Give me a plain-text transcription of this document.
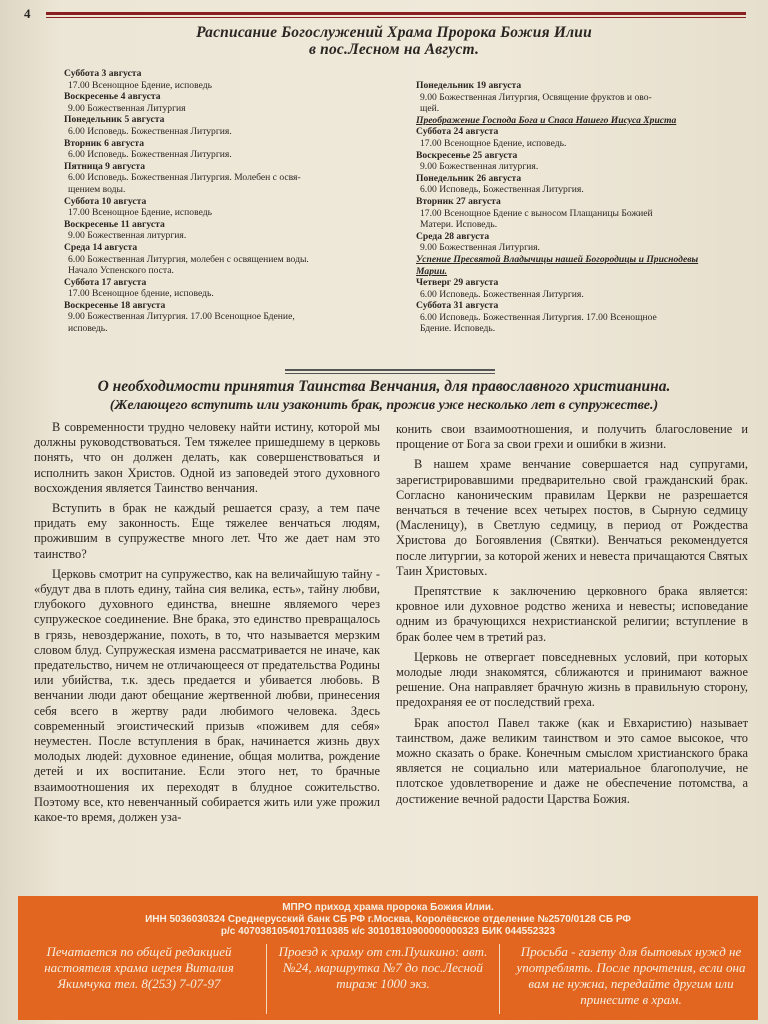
4
Расписание Богослужений Храма Пророка Божия Илии
в пос.Лесном на Август.
Суббота 3 августа
17.00 Всенощное Бдение, исповедь
Воскресенье 4 августа
9.00 Божественная Литургия
Понедельник 5 августа
6.00 Исповедь. Божественная Литургия.
Вторник 6 августа
6.00 Исповедь. Божественная Литургия.
Пятница 9 августа
6.00 Исповедь. Божественная Литургия. Молебен с освя-
щением воды.
Суббота 10 августа
17.00 Всенощное Бдение, исповедь
Воскресенье 11 августа
9.00 Божественная литургия.
Среда 14 августа
6.00 Божественная Литургия, молебен с освящением воды.
Начало Успенского поста.
Суббота 17 августа
17.00 Всенощное бдение, исповедь.
Воскресенье 18 августа
9.00 Божественная Литургия. 17.00 Всенощное Бдение,
исповедь.
Понедельник 19 августа
9.00 Божественная Литургия, Освящение фруктов и ово-
щей.
Преображение Господа Бога и Спаса Нашего Иисуса Христа
Суббота 24 августа
17.00 Всенощное Бдение, исповедь.
Воскресенье 25 августа
9.00 Божественная литургия.
Понедельник 26 августа
6.00 Исповедь, Божественная Литургия.
Вторник 27 августа
17.00 Всенощное Бдение с выносом Плащаницы Божией
Матери. Исповедь.
Среда 28 августа
9.00 Божественная Литургия.
Успение Пресвятой Владычицы нашей Богородицы и Приснодевы Марии.
Четверг 29 августа
6.00 Исповедь. Божественная Литургия.
Суббота 31 августа
6.00 Исповедь. Божественная Литургия. 17.00 Всенощное
Бдение. Исповедь.
О необходимости принятия Таинства Венчания, для православного христианина.
(Желающего вступить или узаконить брак, прожив уже несколько лет в супружестве.)

В современности трудно человеку найти истину, которой мы должны руководствоваться. Тем тяжелее пришедшему в церковь понять, что он должен делать, как совершенствоваться и исполнить закон Христов. Одной из заповедей этого духовного восхождения является Таинство венчания.

Вступить в брак не каждый решается сразу, а тем паче придать ему законность. Еще тяжелее венчаться людям, прожившим в супружестве много лет. Что же дает нам это таинство?

Церковь смотрит на супружество, как на величайшую тайну - «будут два в плоть едину, тайна сия велика, есть», тайну любви, глубокого духовного единства, внешне являемого через супружеское соединение. Вне брака, это единство превращалось в грязь, невоздержание, похоть, в то, что называется мерзким словом блуд. Супружеская измена рассматривается не иначе, как предательство, ничем не отличающееся от предательства Родины или убийства, т.к. здесь предается и убивается любовь. В венчании люди дают обещание жертвенной любви, принесения себя всего в жертву ради любимого человека. Здесь современный эгоистический призыв «поживем для себя» неуместен. После вступления в брак, начинается жизнь двух молодых людей: духовное единение, общая молитва, рождение детей и их воспитание. Если этого нет, то брачные взаимоотношения их переходят в блудное сожительство. Поэтому все, кто невенчанный собирается жить или уже прожил какое-то время, должен уза-

конить свои взаимоотношения, и получить благословение и прощение от Бога за свои грехи и ошибки в жизни.

В нашем храме венчание совершается над супругами, зарегистрировавшими предварительно свой гражданский брак. Согласно каноническим правилам Церкви не разрешается венчаться в течение всех четырех постов, в Сырную седмицу (Масленицу), в Светлую седмицу, в период от Рождества Христова до Богоявления (Святки). Венчаться рекомендуется после литургии, за которой жених и невеста причащаются Святых Таин Христовых.

Препятствие к заключению церковного брака является: кровное или духовное родство жениха и невесты; исповедание одним из брачующихся нехристианской религии; вступление в брак более чем в третий раз.

Церковь не отвергает повседневных условий, при которых молодые люди знакомятся, сближаются и принимают важное решение. Она направляет брачную жизнь в правильную сторону, предохраняя ее от последствий греха.

Брак апостол Павел также (как и Евхаристию) называет таинством, даже великим таинством и это самое высокое, что можно сказать о браке. Конечным смыслом христианского брака является не социально или материальное благополучие, не плотское удовлетворение и даже не обеспечение потомства, а достижение вечной радости Царства Божия.

МПРО приход храма пророка Божия Илии.
ИНН 5036030324 Среднерусский банк СБ РФ г.Москва, Королёвское отделение №2570/0128 СБ РФ
р/с 40703810540170110385 к/с 30101810900000000323 БИК 044552323
Печатается по общей редакцией настоятеля храма иерея Виталия Якимчука тел. 8(253) 7-07-97
Проезд к храму от ст.Пушкино: авт. №24, маршрутка №7 до пос.Лесной тираж 1000 экз.
Просьба - газету для бытовых нужд не употреблять. После прочтения, если она вам не нужна, передайте другим или принесите в храм.
